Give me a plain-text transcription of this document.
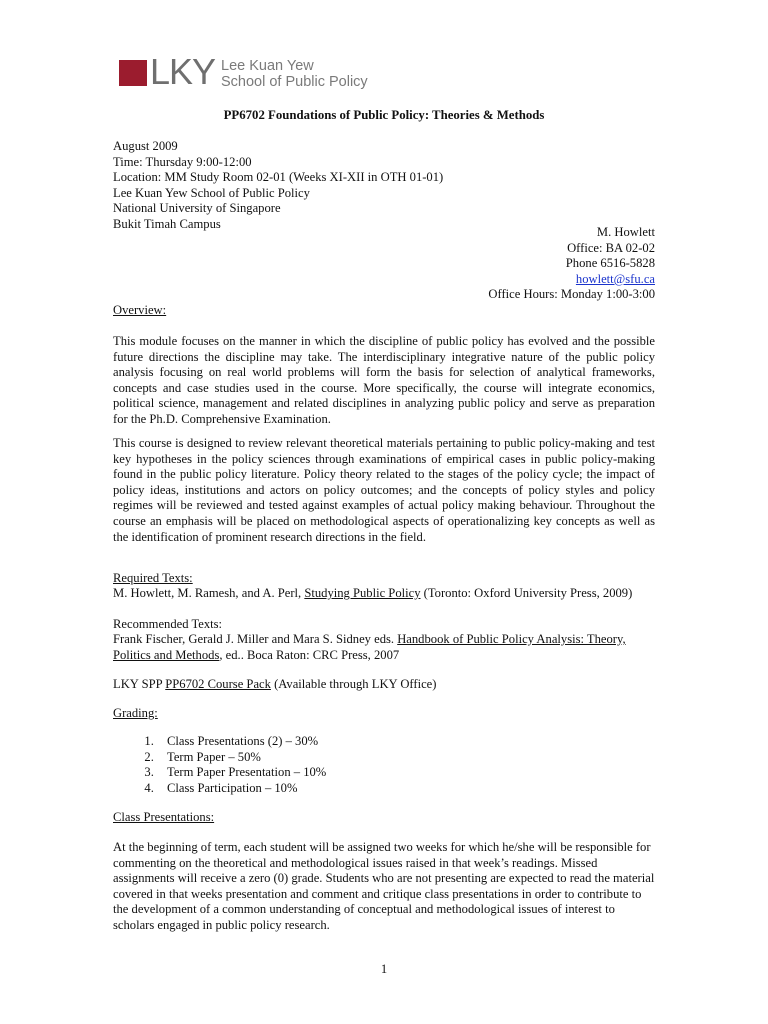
LKY Lee Kuan Yew
School of Public Policy
PP6702 Foundations of Public Policy: Theories & Methods
August 2009
Time: Thursday 9:00-12:00
Location: MM Study Room 02-01 (Weeks XI-XII in OTH 01-01)
Lee Kuan Yew School of Public Policy
National University of Singapore
Bukit Timah Campus
M. Howlett
Office: BA 02-02
Phone 6516-5828
howlett@sfu.ca
Office Hours: Monday 1:00-3:00
Overview:
This module focuses on the manner in which the discipline of public policy has evolved and the possible future directions the discipline may take. The interdisciplinary integrative nature of the public policy analysis focusing on real world problems will form the basis for selection of analytical frameworks, concepts and case studies used in the course. More specifically, the course will integrate economics, political science, management and related disciplines in analyzing public policy and serve as preparation for the Ph.D. Comprehensive Examination.
This course is designed to review relevant theoretical materials pertaining to public policy-making and test key hypotheses in the policy sciences through examinations of empirical cases in public policy-making found in the public policy literature. Policy theory related to the stages of the policy cycle; the impact of policy ideas, institutions and actors on policy outcomes; and the concepts of policy styles and policy regimes will be reviewed and tested against examples of actual policy making behaviour. Throughout the course an emphasis will be placed on methodological aspects of operationalizing key concepts as well as the identification of prominent research directions in the field.
Required Texts:
M. Howlett, M. Ramesh, and A. Perl, Studying Public Policy (Toronto: Oxford University Press, 2009)
Recommended Texts:
Frank Fischer, Gerald J. Miller and Mara S. Sidney eds. Handbook of Public Policy Analysis: Theory, Politics and Methods, ed.. Boca Raton: CRC Press, 2007
LKY SPP PP6702 Course Pack (Available through LKY Office)
Grading:
1. Class Presentations (2) – 30%
2. Term Paper – 50%
3. Term Paper Presentation – 10%
4. Class Participation – 10%
Class Presentations:
At the beginning of term, each student will be assigned two weeks for which he/she will be responsible for commenting on the theoretical and methodological issues raised in that week’s readings. Missed assignments will receive a zero (0) grade. Students who are not presenting are expected to read the material covered in that weeks presentation and comment and critique class presentations in order to contribute to the development of a common understanding of conceptual and methodological issues of interest to scholars engaged in public policy research.
1
